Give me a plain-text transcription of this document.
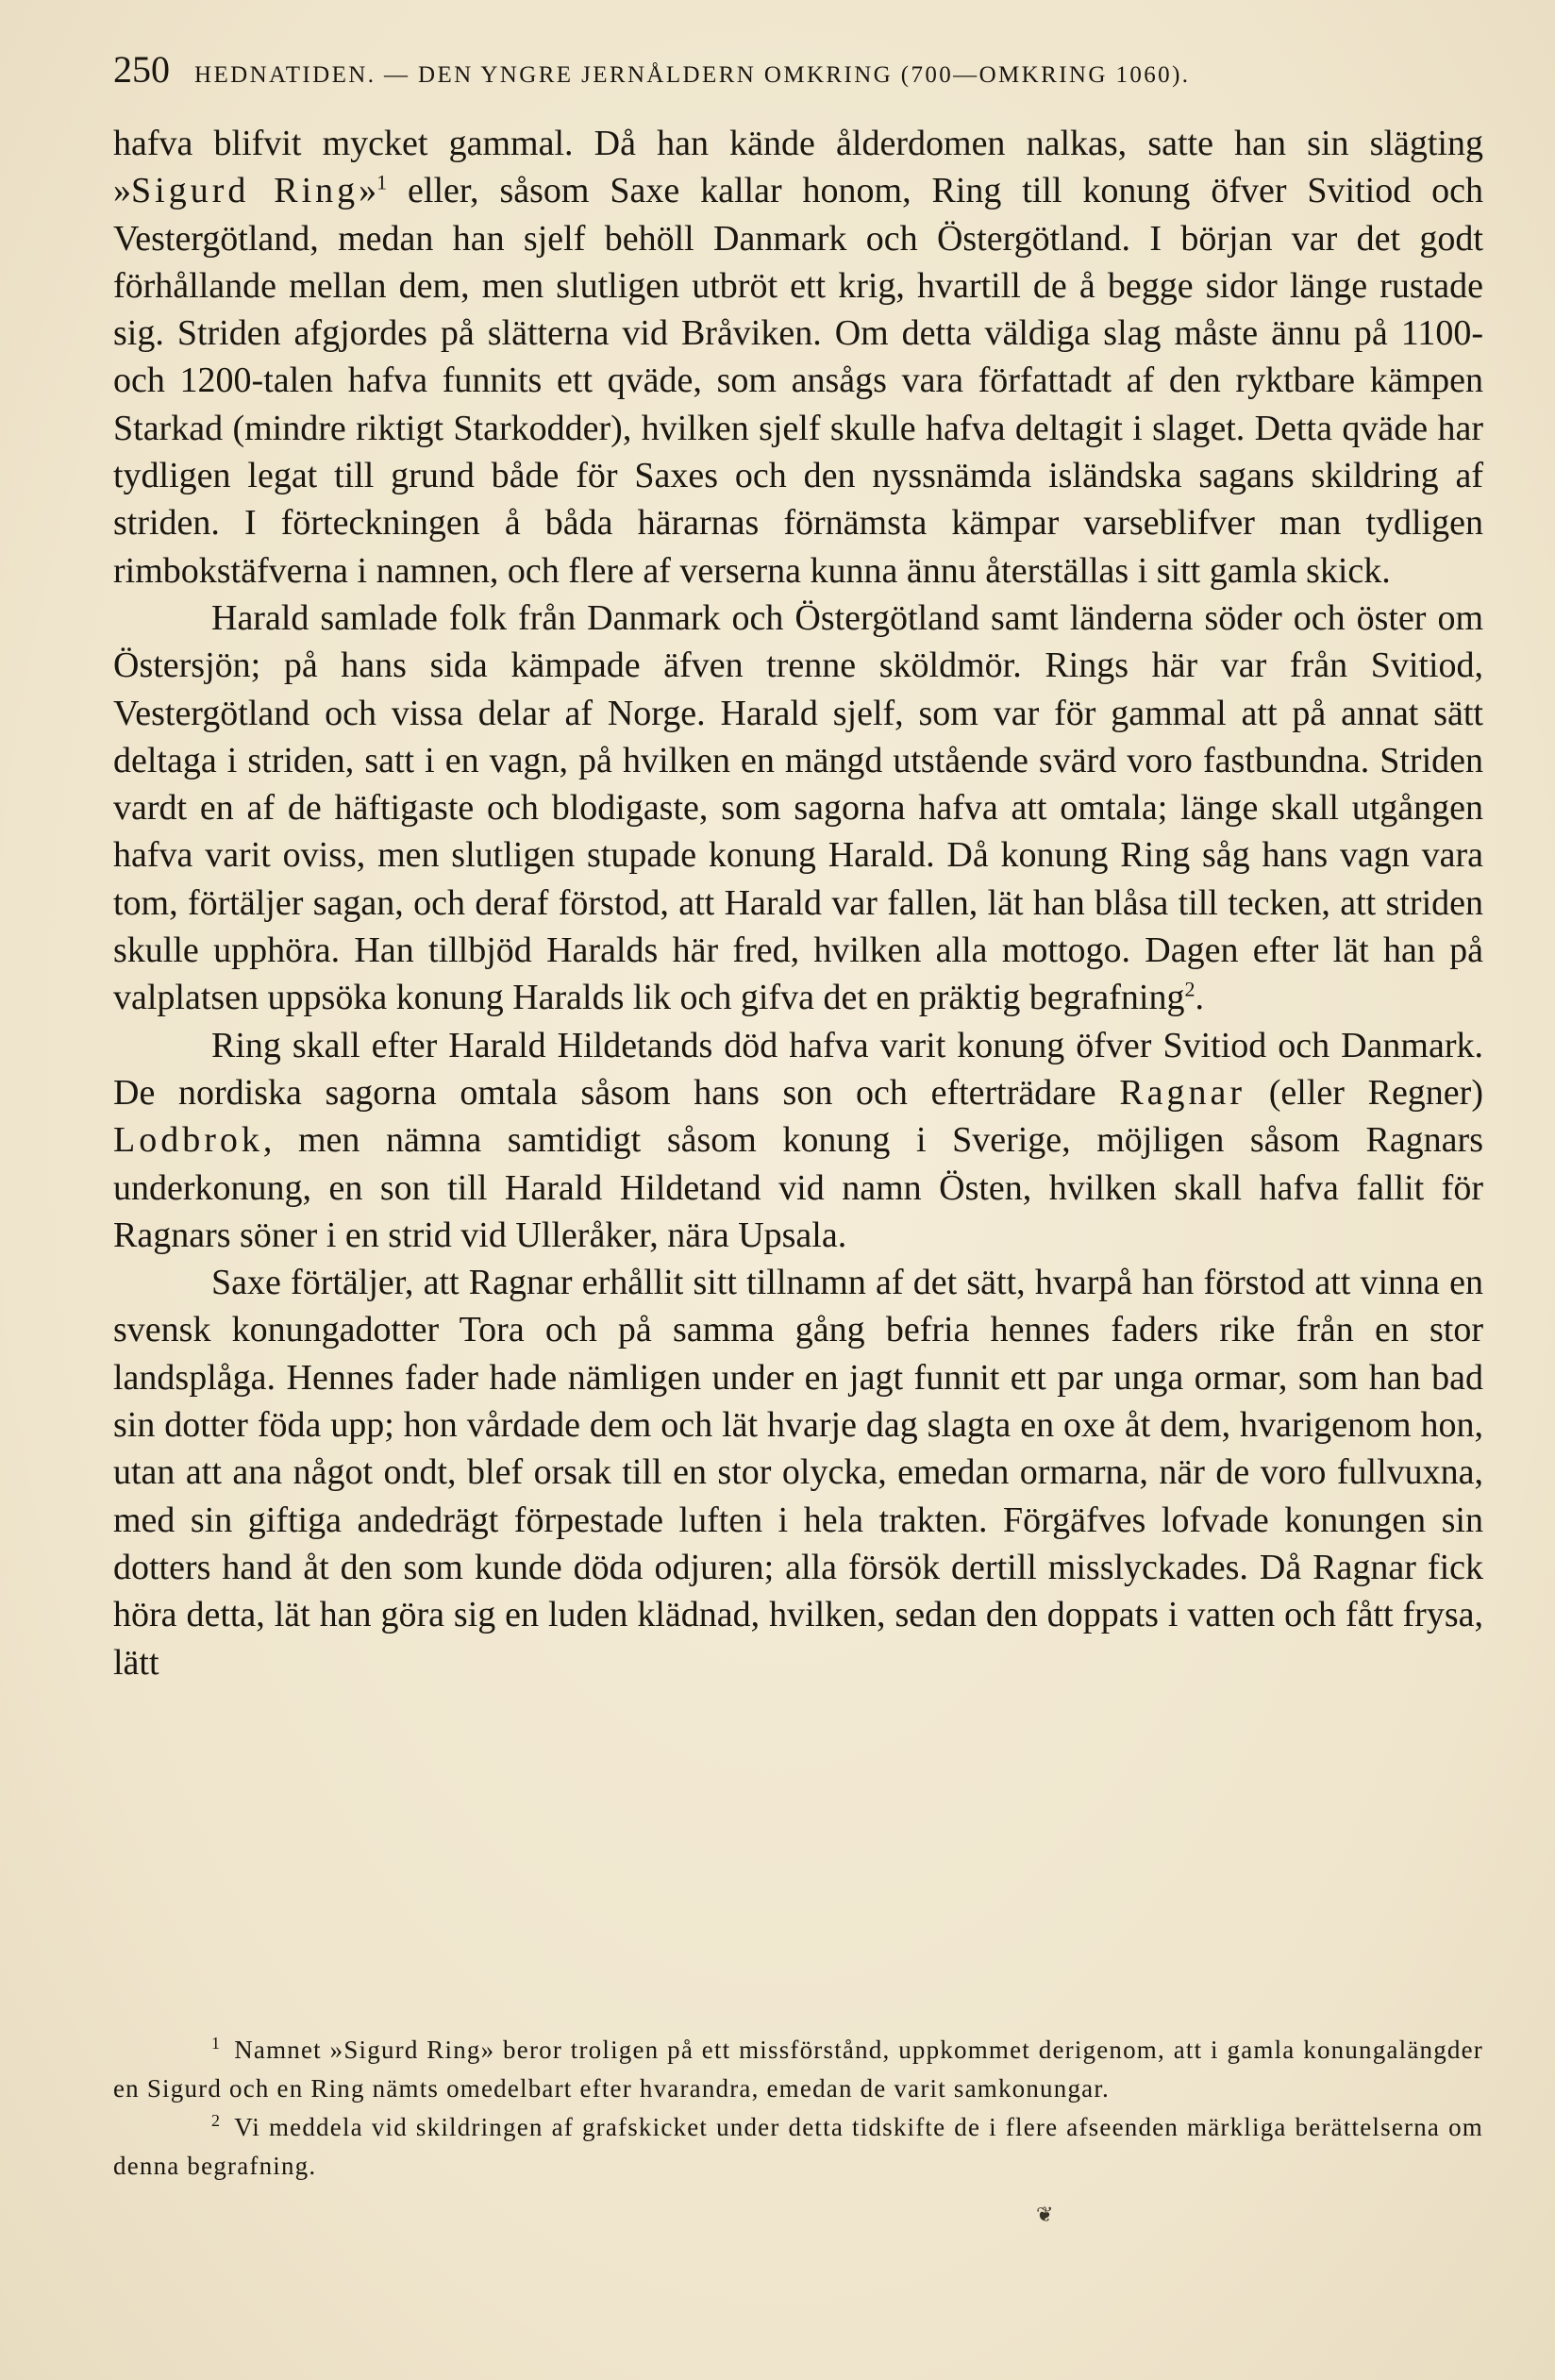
250 HEDNATIDEN. — DEN YNGRE JERNÅLDERN OMKRING (700—OMKRING 1060).

hafva blifvit mycket gammal. Då han kände ålderdomen nalkas, satte han sin slägting »Sigurd Ring»$^1$ eller, såsom Saxe kallar honom, Ring till konung öfver Svitiod och Vestergötland, medan han sjelf behöll Danmark och Östergötland. I början var det godt förhållande mellan dem, men slutligen utbröt ett krig, hvartill de å begge sidor länge rustade sig. Striden afgjordes på slätterna vid Bråviken. Om detta väldiga slag måste ännu på 1100- och 1200-talen hafva funnits ett qväde, som ansågs vara författadt af den ryktbare kämpen Starkad (mindre riktigt Starkodder), hvilken sjelf skulle hafva deltagit i slaget. Detta qväde har tydligen legat till grund både för Saxes och den nyssnämda isländska sagans skildring af striden. I förteckningen å båda härarnas förnämsta kämpar varseblifver man tydligen rimbokstäfverna i namnen, och flere af verserna kunna ännu återställas i sitt gamla skick.

Harald samlade folk från Danmark och Östergötland samt länderna söder och öster om Östersjön; på hans sida kämpade äfven trenne sköldmör. Rings här var från Svitiod, Vestergötland och vissa delar af Norge. Harald sjelf, som var för gammal att på annat sätt deltaga i striden, satt i en vagn, på hvilken en mängd utstående svärd voro fastbundna. Striden vardt en af de häftigaste och blodigaste, som sagorna hafva att omtala; länge skall utgången hafva varit oviss, men slutligen stupade konung Harald. Då konung Ring såg hans vagn vara tom, förtäljer sagan, och deraf förstod, att Harald var fallen, lät han blåsa till tecken, att striden skulle upphöra. Han tillbjöd Haralds här fred, hvilken alla mottogo. Dagen efter lät han på valplatsen uppsöka konung Haralds lik och gifva det en präktig begrafning$^2$.

Ring skall efter Harald Hildetands död hafva varit konung öfver Svitiod och Danmark. De nordiska sagorna omtala såsom hans son och efterträdare Ragnar (eller Regner) Lodbrok, men nämna samtidigt såsom konung i Sverige, möjligen såsom Ragnars underkonung, en son till Harald Hildetand vid namn Östen, hvilken skall hafva fallit för Ragnars söner i en strid vid Ulleråker, nära Upsala.

Saxe förtäljer, att Ragnar erhållit sitt tillnamn af det sätt, hvarpå han förstod att vinna en svensk konungadotter Tora och på samma gång befria hennes faders rike från en stor landsplåga. Hennes fader hade nämligen under en jagt funnit ett par unga ormar, som han bad sin dotter föda upp; hon vårdade dem och lät hvarje dag slagta en oxe åt dem, hvarigenom hon, utan att ana något ondt, blef orsak till en stor olycka, emedan ormarna, när de voro fullvuxna, med sin giftiga andedrägt förpestade luften i hela trakten. Förgäfves lofvade konungen sin dotters hand åt den som kunde döda odjuren; alla försök dertill misslyckades. Då Ragnar fick höra detta, lät han göra sig en luden klädnad, hvilken, sedan den doppats i vatten och fått frysa, lätt

$^1$ Namnet »Sigurd Ring» beror troligen på ett missförstånd, uppkommet derigenom, att i gamla konungalängder en Sigurd och en Ring nämts omedelbart efter hvarandra, emedan de varit samkonungar.

$^2$ Vi meddela vid skildringen af grafskicket under detta tidskifte de i flere afseenden märkliga berättelserna om denna begrafning.

❦
